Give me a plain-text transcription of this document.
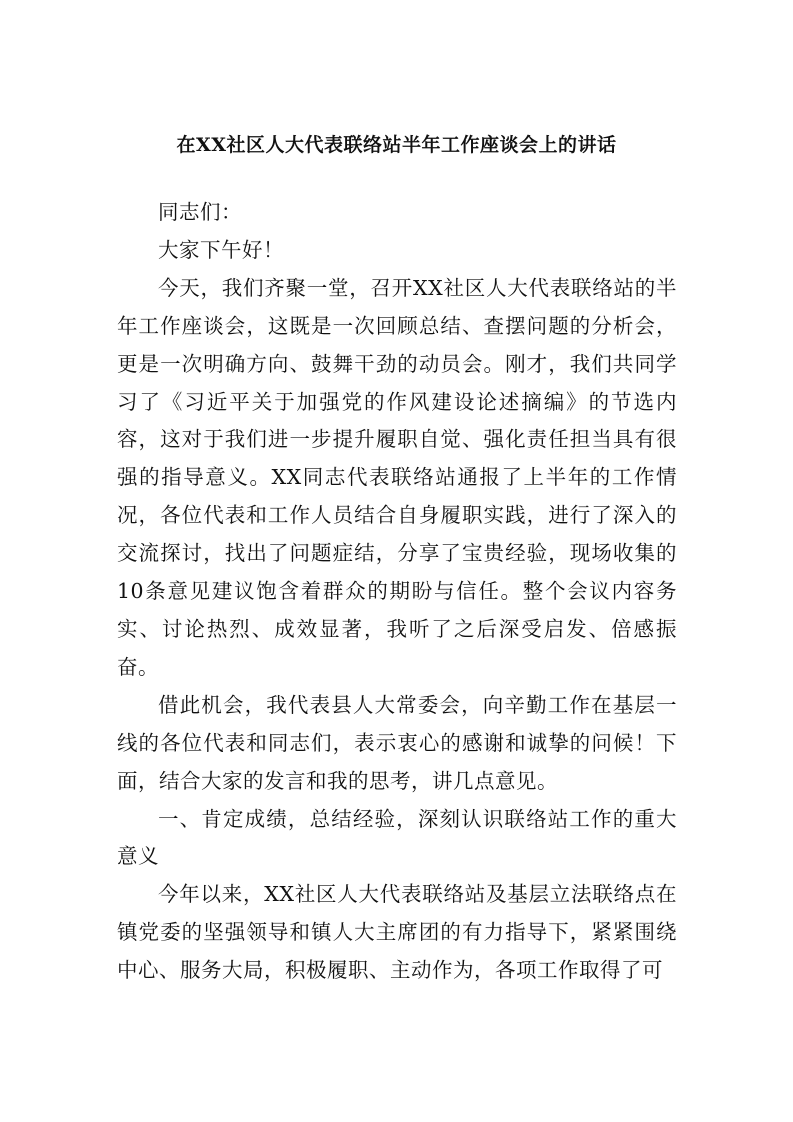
在XX社区人大代表联络站半年工作座谈会上的讲话

同志们：

大家下午好！

今天，我们齐聚一堂，召开XX社区人大代表联络站的半年工作座谈会，这既是一次回顾总结、查摆问题的分析会，更是一次明确方向、鼓舞干劲的动员会。刚才，我们共同学习了《习近平关于加强党的作风建设论述摘编》的节选内容，这对于我们进一步提升履职自觉、强化责任担当具有很强的指导意义。XX同志代表联络站通报了上半年的工作情况，各位代表和工作人员结合自身履职实践，进行了深入的交流探讨，找出了问题症结，分享了宝贵经验，现场收集的10条意见建议饱含着群众的期盼与信任。整个会议内容务实、讨论热烈、成效显著，我听了之后深受启发、倍感振奋。

借此机会，我代表县人大常委会，向辛勤工作在基层一线的各位代表和同志们，表示衷心的感谢和诚挚的问候！下面，结合大家的发言和我的思考，讲几点意见。

一、肯定成绩，总结经验，深刻认识联络站工作的重大意义

今年以来，XX社区人大代表联络站及基层立法联络点在镇党委的坚强领导和镇人大主席团的有力指导下，紧紧围绕中心、服务大局，积极履职、主动作为，各项工作取得了可
